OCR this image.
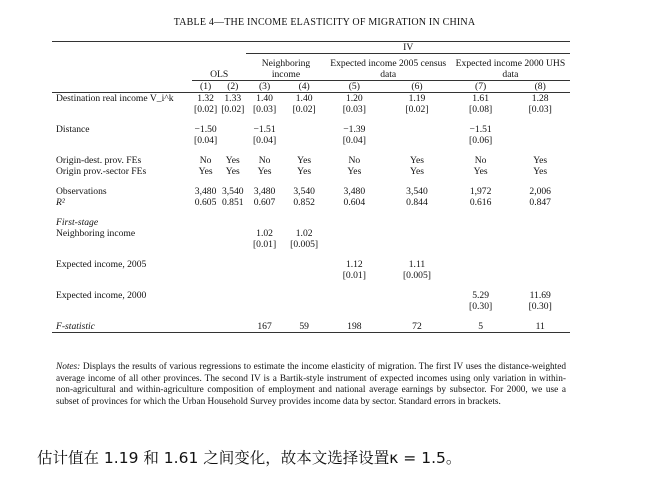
TABLE 4—THE INCOME ELASTICITY OF MIGRATION IN CHINA
			IV					
	OLS		Neighboring income		Expected income 2005 census data		Expected income 2000 UHS data	
	(1)	(2)	(3)	(4)	(5)	(6)	(7)	(8)
Destination real income V_i^k	1.32	1.33	1.40	1.40	1.20	1.19	1.61	1.28
	[0.02]	[0.02]	[0.03]	[0.02]	[0.03]	[0.02]	[0.08]	[0.03]

Distance	−1.50		−1.51		−1.39		−1.51	
	[0.04]		[0.04]		[0.04]		[0.06]	

Origin-dest. prov. FEs	No	Yes	No	Yes	No	Yes	No	Yes
Origin prov.-sector FEs	Yes	Yes	Yes	Yes	Yes	Yes	Yes	Yes

Observations	3,480	3,540	3,480	3,540	3,480	3,540	1,972	2,006
R²	0.605	0.851	0.607	0.852	0.604	0.844	0.616	0.847

First-stage								
Neighboring income			1.02	1.02				
			[0.01]	[0.005]				

Expected income, 2005					1.12	1.11		
					[0.01]	[0.005]		

Expected income, 2000							5.29	11.69
							[0.30]	[0.30]

F-statistic			167	59	198	72	5	11
Notes: Displays the results of various regressions to estimate the income elasticity of migration. The first IV uses the distance-weighted average income of all other provinces. The second IV is a Bartik-style instrument of expected incomes using only variation in within-non-agricultural and within-agriculture composition of employment and national average earnings by subsector. For 2000, we use a subset of provinces for which the Urban Household Survey provides income data by sector. Standard errors in brackets.
估计值在 1.19 和 1.61 之间变化，故本文选择设置κ = 1.5。
